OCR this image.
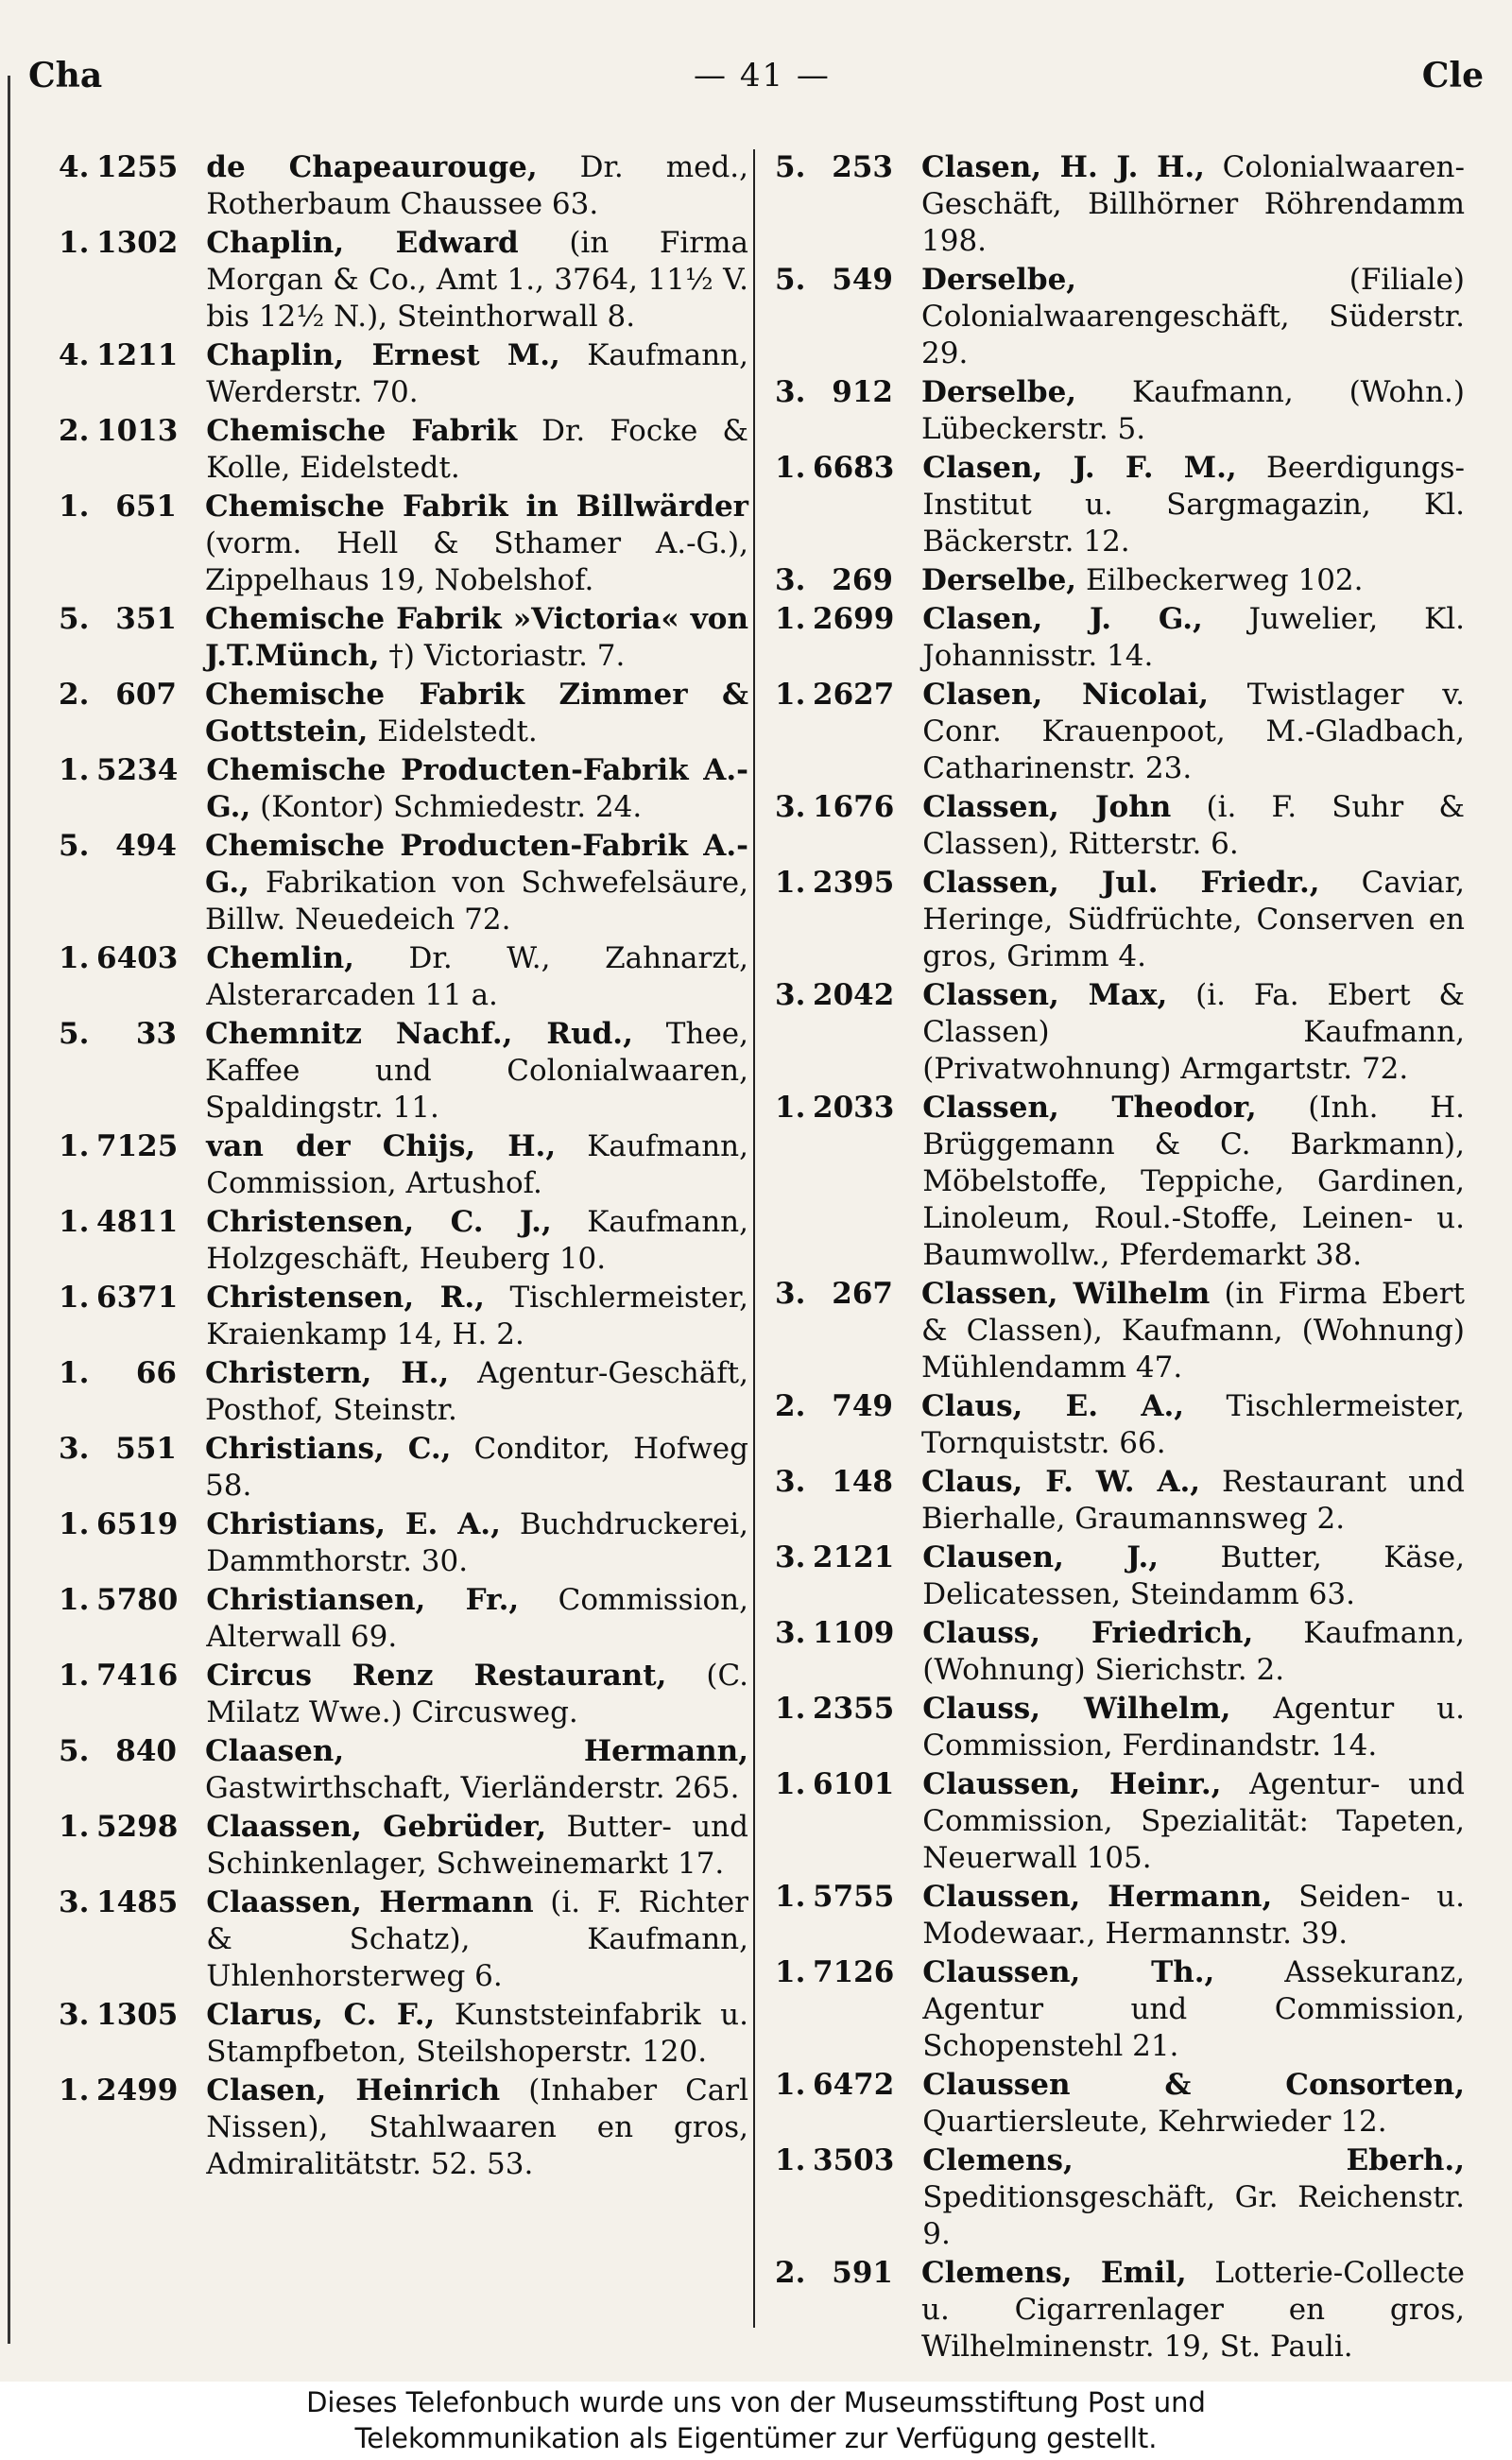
Cha	— 41 —	Cle
4. 1255 de Chapeaurouge, Dr. med., Rotherbaum Chaussee 63.
1. 1302 Chaplin, Edward (in Firma Morgan & Co., Amt 1., 3764, 11½ V. bis 12½ N.), Steinthorwall 8.
4. 1211 Chaplin, Ernest M., Kaufmann, Werderstr. 70.
2. 1013 Chemische Fabrik Dr. Focke & Kolle, Eidelstedt.
1. 651 Chemische Fabrik in Billwärder (vorm. Hell & Sthamer A.-G.), Zippelhaus 19, Nobelshof.
5. 351 Chemische Fabrik »Victoria« von J.T.Münch, †) Victoriastr. 7.
2. 607 Chemische Fabrik Zimmer & Gottstein, Eidelstedt.
1. 5234 Chemische Producten-Fabrik A.-G., (Kontor) Schmiedestr. 24.
5. 494 Chemische Producten-Fabrik A.-G., Fabrikation von Schwefelsäure, Billw. Neuedeich 72.
1. 6403 Chemlin, Dr. W., Zahnarzt, Alsterarcaden 11 a.
5. 33 Chemnitz Nachf., Rud., Thee, Kaffee und Colonialwaaren, Spaldingstr. 11.
1. 7125 van der Chijs, H., Kaufmann, Commission, Artushof.
1. 4811 Christensen, C. J., Kaufmann, Holzgeschäft, Heuberg 10.
1. 6371 Christensen, R., Tischlermeister, Kraienkamp 14, H. 2.
1. 66 Christern, H., Agentur-Geschäft, Posthof, Steinstr.
3. 551 Christians, C., Conditor, Hofweg 58.
1. 6519 Christians, E. A., Buchdruckerei, Dammthorstr. 30.
1. 5780 Christiansen, Fr., Commission, Alterwall 69.
1. 7416 Circus Renz Restaurant, (C. Milatz Wwe.) Circusweg.
5. 840 Claasen, Hermann, Gastwirthschaft, Vierländerstr. 265.
1. 5298 Claassen, Gebrüder, Butter- und Schinkenlager, Schweinemarkt 17.
3. 1485 Claassen, Hermann (i. F. Richter & Schatz), Kaufmann, Uhlenhorsterweg 6.
3. 1305 Clarus, C. F., Kunststeinfabrik u. Stampfbeton, Steilshoperstr. 120.
1. 2499 Clasen, Heinrich (Inhaber Carl Nissen), Stahlwaaren en gros, Admiralitätstr. 52. 53.
5. 253 Clasen, H. J. H., Colonialwaaren-Geschäft, Billhörner Röhrendamm 198.
5. 549 Derselbe, (Filiale) Colonialwaarengeschäft, Süderstr. 29.
3. 912 Derselbe, Kaufmann, (Wohn.) Lübeckerstr. 5.
1. 6683 Clasen, J. F. M., Beerdigungs-Institut u. Sargmagazin, Kl. Bäckerstr. 12.
3. 269 Derselbe, Eilbeckerweg 102.
1. 2699 Clasen, J. G., Juwelier, Kl. Johannisstr. 14.
1. 2627 Clasen, Nicolai, Twistlager v. Conr. Krauenpoot, M.-Gladbach, Catharinenstr. 23.
3. 1676 Classen, John (i. F. Suhr & Classen), Ritterstr. 6.
1. 2395 Classen, Jul. Friedr., Caviar, Heringe, Südfrüchte, Conserven en gros, Grimm 4.
3. 2042 Classen, Max, (i. Fa. Ebert & Classen) Kaufmann, (Privatwohnung) Armgartstr. 72.
1. 2033 Classen, Theodor, (Inh. H. Brüggemann & C. Barkmann), Möbelstoffe, Teppiche, Gardinen, Linoleum, Roul.-Stoffe, Leinen- u. Baumwollw., Pferdemarkt 38.
3. 267 Classen, Wilhelm (in Firma Ebert & Classen), Kaufmann, (Wohnung) Mühlendamm 47.
2. 749 Claus, E. A., Tischlermeister, Tornquiststr. 66.
3. 148 Claus, F. W. A., Restaurant und Bierhalle, Graumannsweg 2.
3. 2121 Clausen, J., Butter, Käse, Delicatessen, Steindamm 63.
3. 1109 Clauss, Friedrich, Kaufmann, (Wohnung) Sierichstr. 2.
1. 2355 Clauss, Wilhelm, Agentur u. Commission, Ferdinandstr. 14.
1. 6101 Claussen, Heinr., Agentur- und Commission, Spezialität: Tapeten, Neuerwall 105.
1. 5755 Claussen, Hermann, Seiden- u. Modewaar., Hermannstr. 39.
1. 7126 Claussen, Th., Assekuranz, Agentur und Commission, Schopenstehl 21.
1. 6472 Claussen & Consorten, Quartiersleute, Kehrwieder 12.
1. 3503 Clemens, Eberh., Speditionsgeschäft, Gr. Reichenstr. 9.
2. 591 Clemens, Emil, Lotterie-Collecte u. Cigarrenlager en gros, Wilhelminenstr. 19, St. Pauli.
Dieses Telefonbuch wurde uns von der Museumsstiftung Post und
Telekommunikation als Eigentümer zur Verfügung gestellt.
